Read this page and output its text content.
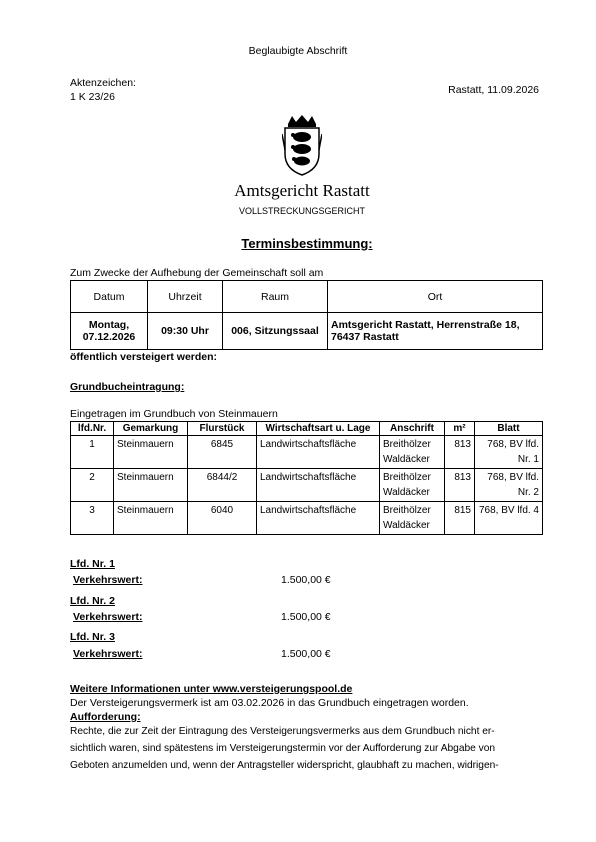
Beglaubigte Abschrift
Aktenzeichen:
1 K 23/26
Rastatt, 11.09.2026
Amtsgericht Rastatt
VOLLSTRECKUNGSGERICHT
Terminsbestimmung:
Zum Zwecke der Aufhebung der Gemeinschaft soll am
Datum	Uhrzeit	Raum	Ort
Montag,
07.12.2026	09:30 Uhr	006, Sitzungssaal	Amtsgericht Rastatt, Herrenstraße 18,
76437 Rastatt
öffentlich versteigert werden:
Grundbucheintragung:
Eingetragen im Grundbuch von Steinmauern
lfd.Nr.	Gemarkung	Flurstück	Wirtschaftsart u. Lage	Anschrift	m²	Blatt
1	Steinmauern	6845	Landwirtschaftsfläche	Breithölzer
Waldäcker	813	768, BV lfd.
Nr. 1
2	Steinmauern	6844/2	Landwirtschaftsfläche	Breithölzer
Waldäcker	813	768, BV lfd.
Nr. 2
3	Steinmauern	6040	Landwirtschaftsfläche	Breithölzer
Waldäcker	815	768, BV lfd. 4

Lfd. Nr. 1
Verkehrswert:	1.500,00 €
Lfd. Nr. 2
Verkehrswert:	1.500,00 €
Lfd. Nr. 3
Verkehrswert:	1.500,00 €
Weitere Informationen unter www.versteigerungspool.de
Der Versteigerungsvermerk ist am 03.02.2026 in das Grundbuch eingetragen worden.
Aufforderung:
Rechte, die zur Zeit der Eintragung des Versteigerungsvermerks aus dem Grundbuch nicht er-
sichtlich waren, sind spätestens im Versteigerungstermin vor der Aufforderung zur Abgabe von
Geboten anzumelden und, wenn der Antragsteller widerspricht, glaubhaft zu machen, widrigen-
